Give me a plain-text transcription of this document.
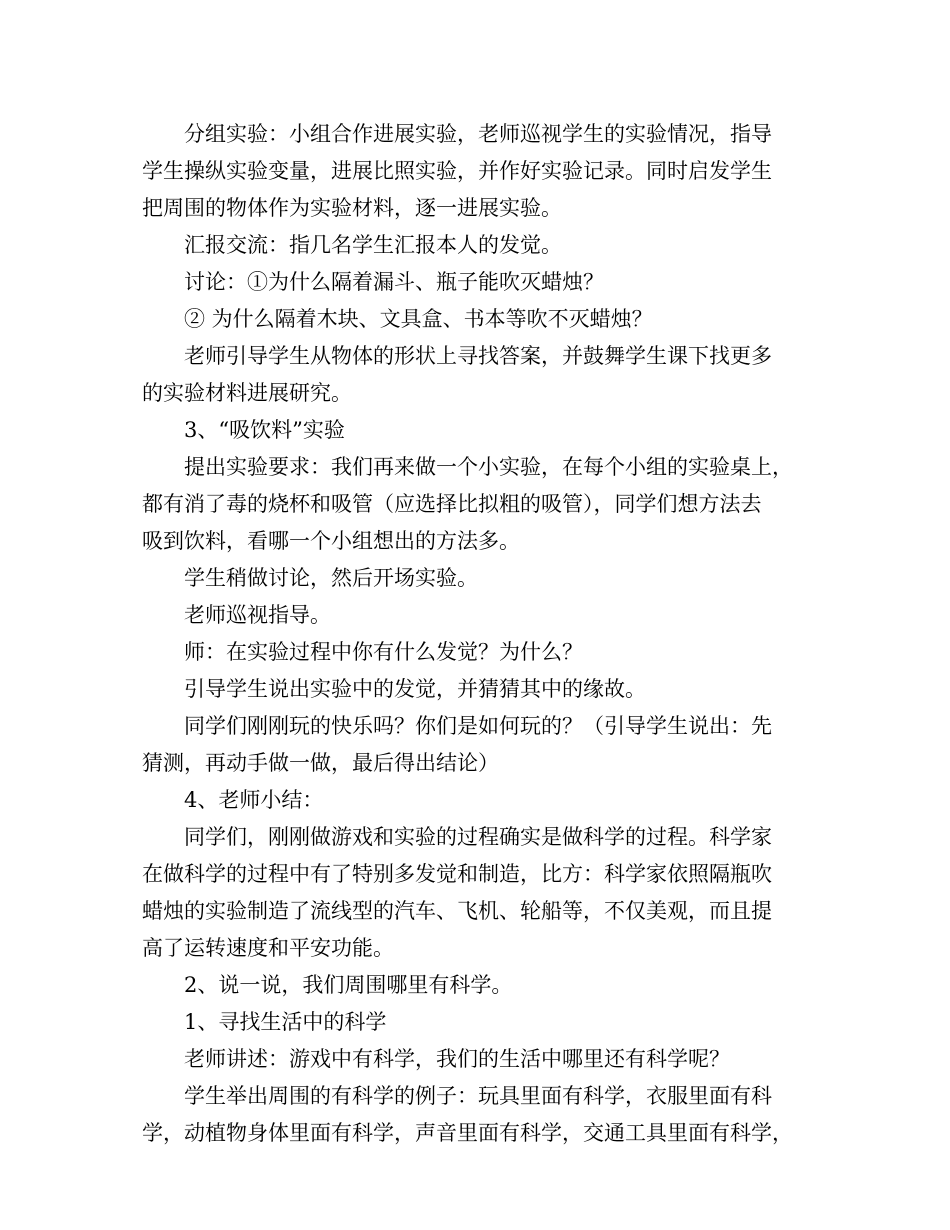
分组实验：小组合作进展实验，老师巡视学生的实验情况，指导
学生操纵实验变量，进展比照实验，并作好实验记录。同时启发学生
把周围的物体作为实验材料，逐一进展实验。
汇报交流：指几名学生汇报本人的发觉。
讨论：①为什么隔着漏斗、瓶子能吹灭蜡烛？
② 为什么隔着木块、文具盒、书本等吹不灭蜡烛？
老师引导学生从物体的形状上寻找答案，并鼓舞学生课下找更多
的实验材料进展研究。
3、“吸饮料”实验
提出实验要求：我们再来做一个小实验，在每个小组的实验桌上，
都有消了毒的烧杯和吸管（应选择比拟粗的吸管），同学们想方法去
吸到饮料，看哪一个小组想出的方法多。
学生稍做讨论，然后开场实验。
老师巡视指导。
师：在实验过程中你有什么发觉？为什么？
引导学生说出实验中的发觉，并猜猜其中的缘故。
同学们刚刚玩的快乐吗？你们是如何玩的？（引导学生说出：先
猜测，再动手做一做，最后得出结论）
4、老师小结：
同学们，刚刚做游戏和实验的过程确实是做科学的过程。科学家
在做科学的过程中有了特别多发觉和制造，比方：科学家依照隔瓶吹
蜡烛的实验制造了流线型的汽车、飞机、轮船等，不仅美观，而且提
高了运转速度和平安功能。
2、说一说，我们周围哪里有科学。
1、寻找生活中的科学
老师讲述：游戏中有科学，我们的生活中哪里还有科学呢？
学生举出周围的有科学的例子：玩具里面有科学，衣服里面有科
学，动植物身体里面有科学，声音里面有科学，交通工具里面有科学，
